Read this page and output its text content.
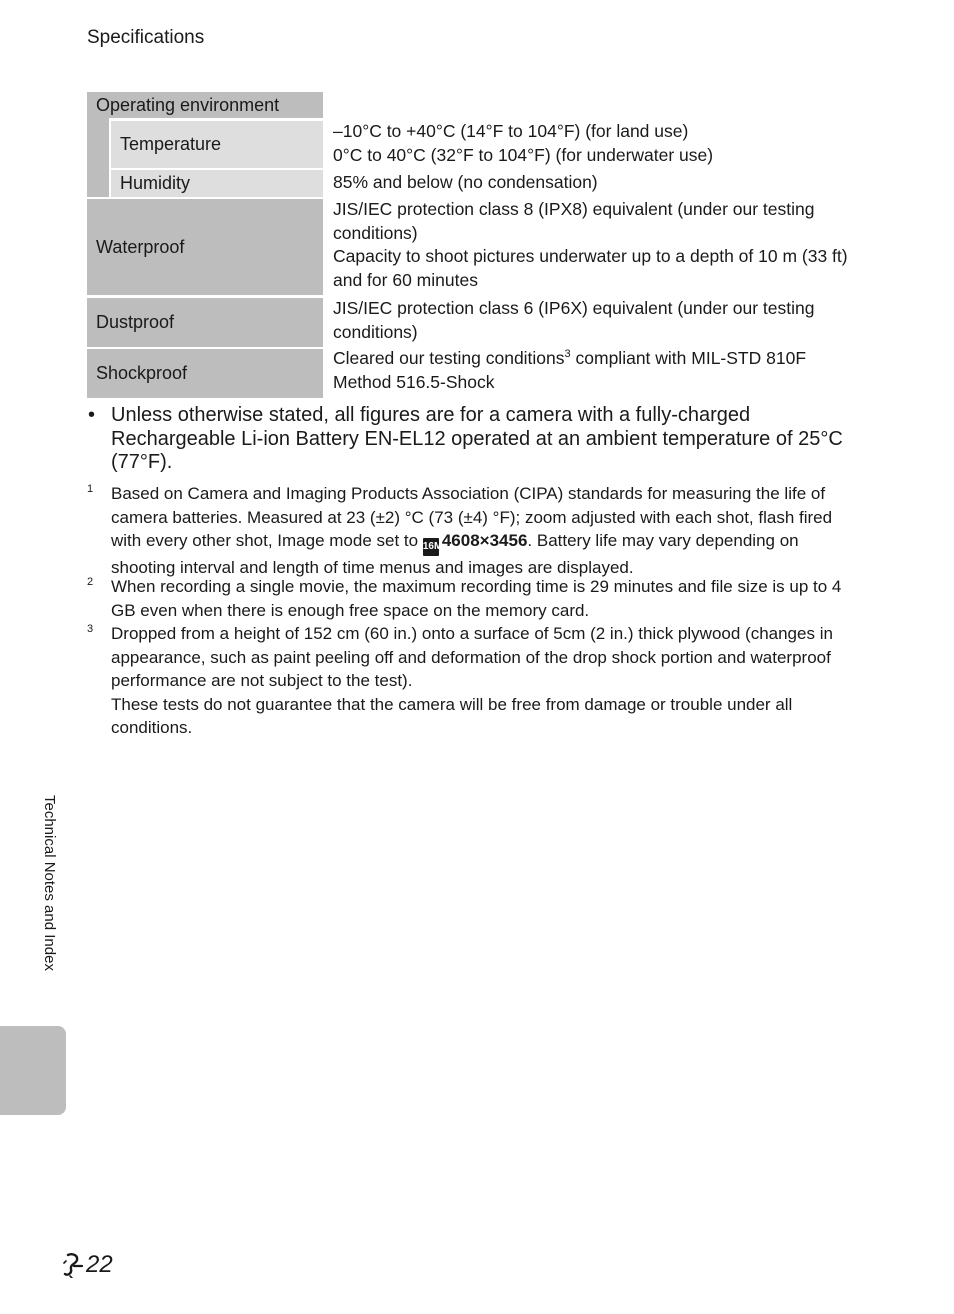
Specifications
Operating environment
Temperature
–10°C to +40°C (14°F to 104°F) (for land use)
0°C to 40°C (32°F to 104°F) (for underwater use)
Humidity	85% and below (no condensation)
Waterproof
JIS/IEC protection class 8 (IPX8) equivalent (under our testing conditions)
Capacity to shoot pictures underwater up to a depth of 10 m (33 ft) and for 60 minutes
Dustproof
JIS/IEC protection class 6 (IP6X) equivalent (under our testing conditions)
Shockproof
Cleared our testing conditions$^3$ compliant with MIL-STD 810F Method 516.5-Shock
• Unless otherwise stated, all figures are for a camera with a fully-charged Rechargeable Li-ion Battery EN-EL12 operated at an ambient temperature of 25°C (77°F).
1 Based on Camera and Imaging Products Association (CIPA) standards for measuring the life of camera batteries. Measured at 23 (±2) °C (73 (±4) °F); zoom adjusted with each shot, flash fired with every other shot, Image mode set to 16M4608×3456. Battery life may vary depending on shooting interval and length of time menus and images are displayed.
2 When recording a single movie, the maximum recording time is 29 minutes and file size is up to 4 GB even when there is enough free space on the memory card.
3 Dropped from a height of 152 cm (60 in.) onto a surface of 5cm (2 in.) thick plywood (changes in appearance, such as paint peeling off and deformation of the drop shock portion and waterproof performance are not subject to the test).
These tests do not guarantee that the camera will be free from damage or trouble under all conditions.
Technical Notes and Index
22
